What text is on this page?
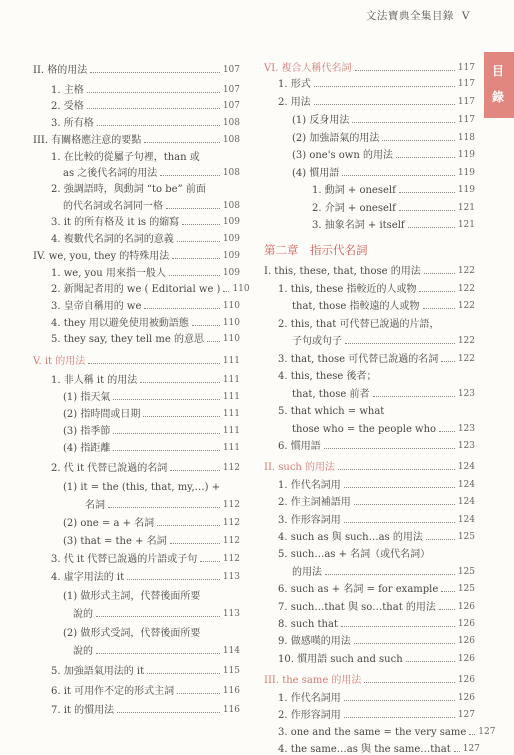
文法寶典全集目錄 V
目
錄
II. 格的用法	107
1. 主格	107
2. 受格	107
3. 所有格	108
III. 有關格應注意的要點	108
1. 在比較的從屬子句裡，than 或
as 之後代名詞的用法	108
2. 強調語時，與動詞 “to be” 前面
的代名詞或名詞同一格	108
3. it 的所有格及 it is 的縮寫	109
4. 複數代名詞的名詞的意義	109
IV. we, you, they 的特殊用法	109
1. we, you 用來指一般人	109
2. 新聞記者用的 we ( Editorial we ) 110
3. 皇帝自稱用的 we	110
4. they 用以避免使用被動語態	110
5. they say, they tell me 的意思 110
V. it 的用法	111
1. 非人稱 it 的用法	111
(1) 指天氣	111
(2) 指時間或日期	111
(3) 指季節	111
(4) 指距離	111
2. 代 it 代替已說過的名詞	112
(1) it = the (this, that, my,…) +
名詞	112
(2) one = a + 名詞	112
(3) that = the + 名詞	112
3. 代 it 代替已說過的片語或子句	112
4. 虛字用法的 it	113
(1) 做形式主詞，代替後面所要
說的	113
(2) 做形式受詞，代替後面所要
說的	114
5. 加強語氣用法的 it	115
6. it 可用作不定的形式主詞	116
7. it 的慣用法	116
VI. 複合人稱代名詞	117
1. 形式	117
2. 用法	117
(1) 反身用法	117
(2) 加強語氣的用法	118
(3) one's own 的用法	119
(4) 慣用語	119
1. 動詞 + oneself	119
2. 介詞 + oneself	121
3. 抽象名詞 + itself	121
第二章　指示代名詞
I. this, these, that, those 的用法	122
1. this, these 指較近的人或物	122
that, those 指較遠的人或物	122
2. this, that 可代替已說過的片語，
子句或句子	122
3. that, those 可代替已說過的名詞 122
4. this, these 後者；
that, those 前者	123
5. that which = what
those who = the people who 123
6. 慣用語	123
II. such 的用法	124
1. 作代名詞用	124
2. 作主詞補語用	124
3. 作形容詞用	124
4. such as 與 such…as 的用法	125
5. such…as + 名詞（或代名詞）
的用法	125
6. such as + 名詞 = for example 125
7. such…that 與 so…that 的用法 126
8. such that	126
9. 做感嘆的用法	126
10. 慣用語 such and such	126
III. the same 的用法	126
1. 作代名詞用	126
2. 作形容詞用	127
3. one and the same = the very same 127
4. the same…as 與 the same…that 127
